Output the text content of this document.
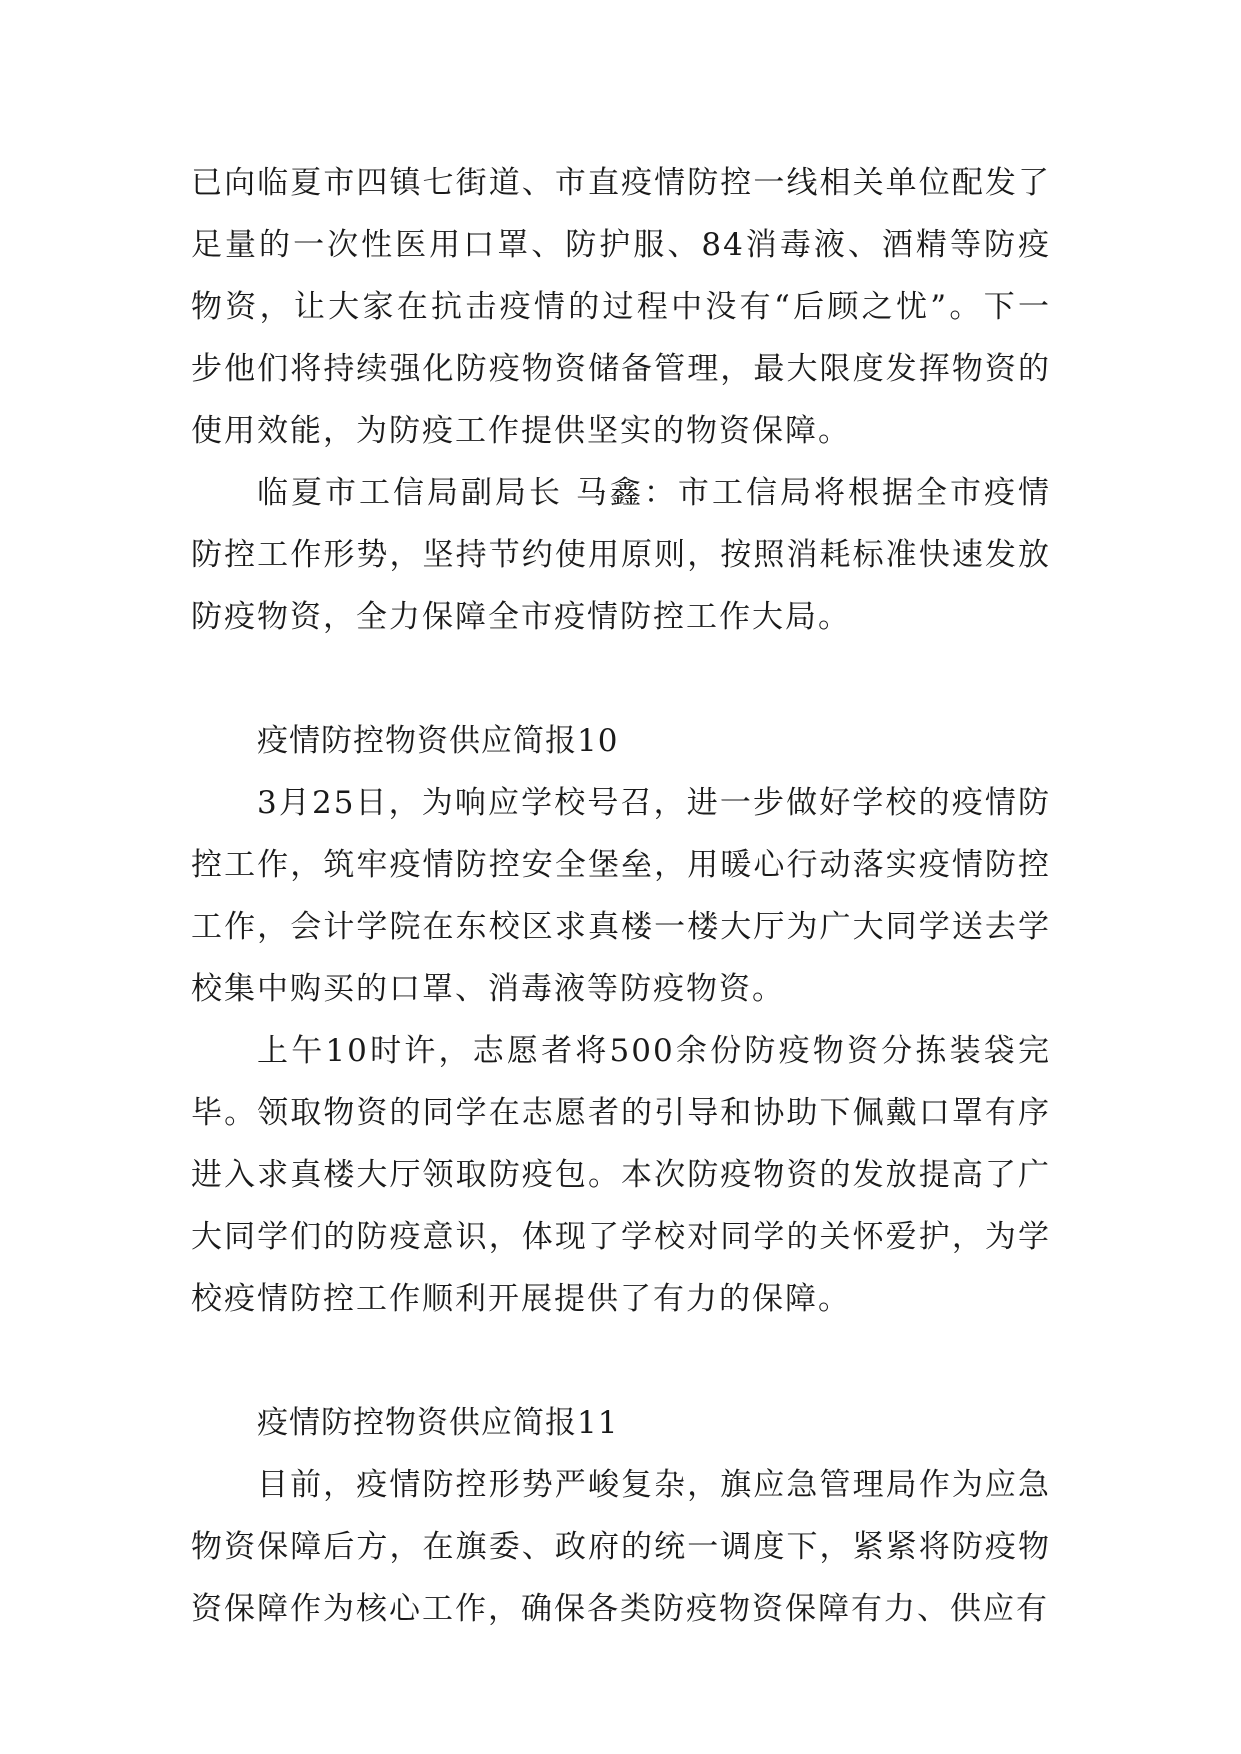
已向临夏市四镇七街道、市直疫情防控一线相关单位配发了足量的一次性医用口罩、防护服、84消毒液、酒精等防疫物资，让大家在抗击疫情的过程中没有“后顾之忧”。下一步他们将持续强化防疫物资储备管理，最大限度发挥物资的使用效能，为防疫工作提供坚实的物资保障。

临夏市工信局副局长 马鑫：市工信局将根据全市疫情防控工作形势，坚持节约使用原则，按照消耗标准快速发放防疫物资，全力保障全市疫情防控工作大局。

疫情防控物资供应简报10

3月25日，为响应学校号召，进一步做好学校的疫情防控工作，筑牢疫情防控安全堡垒，用暖心行动落实疫情防控工作，会计学院在东校区求真楼一楼大厅为广大同学送去学校集中购买的口罩、消毒液等防疫物资。

上午10时许，志愿者将500余份防疫物资分拣装袋完毕。领取物资的同学在志愿者的引导和协助下佩戴口罩有序进入求真楼大厅领取防疫包。本次防疫物资的发放提高了广大同学们的防疫意识，体现了学校对同学的关怀爱护，为学校疫情防控工作顺利开展提供了有力的保障。

疫情防控物资供应简报11

目前，疫情防控形势严峻复杂，旗应急管理局作为应急物资保障后方，在旗委、政府的统一调度下，紧紧将防疫物资保障作为核心工作，确保各类防疫物资保障有力、供应有
